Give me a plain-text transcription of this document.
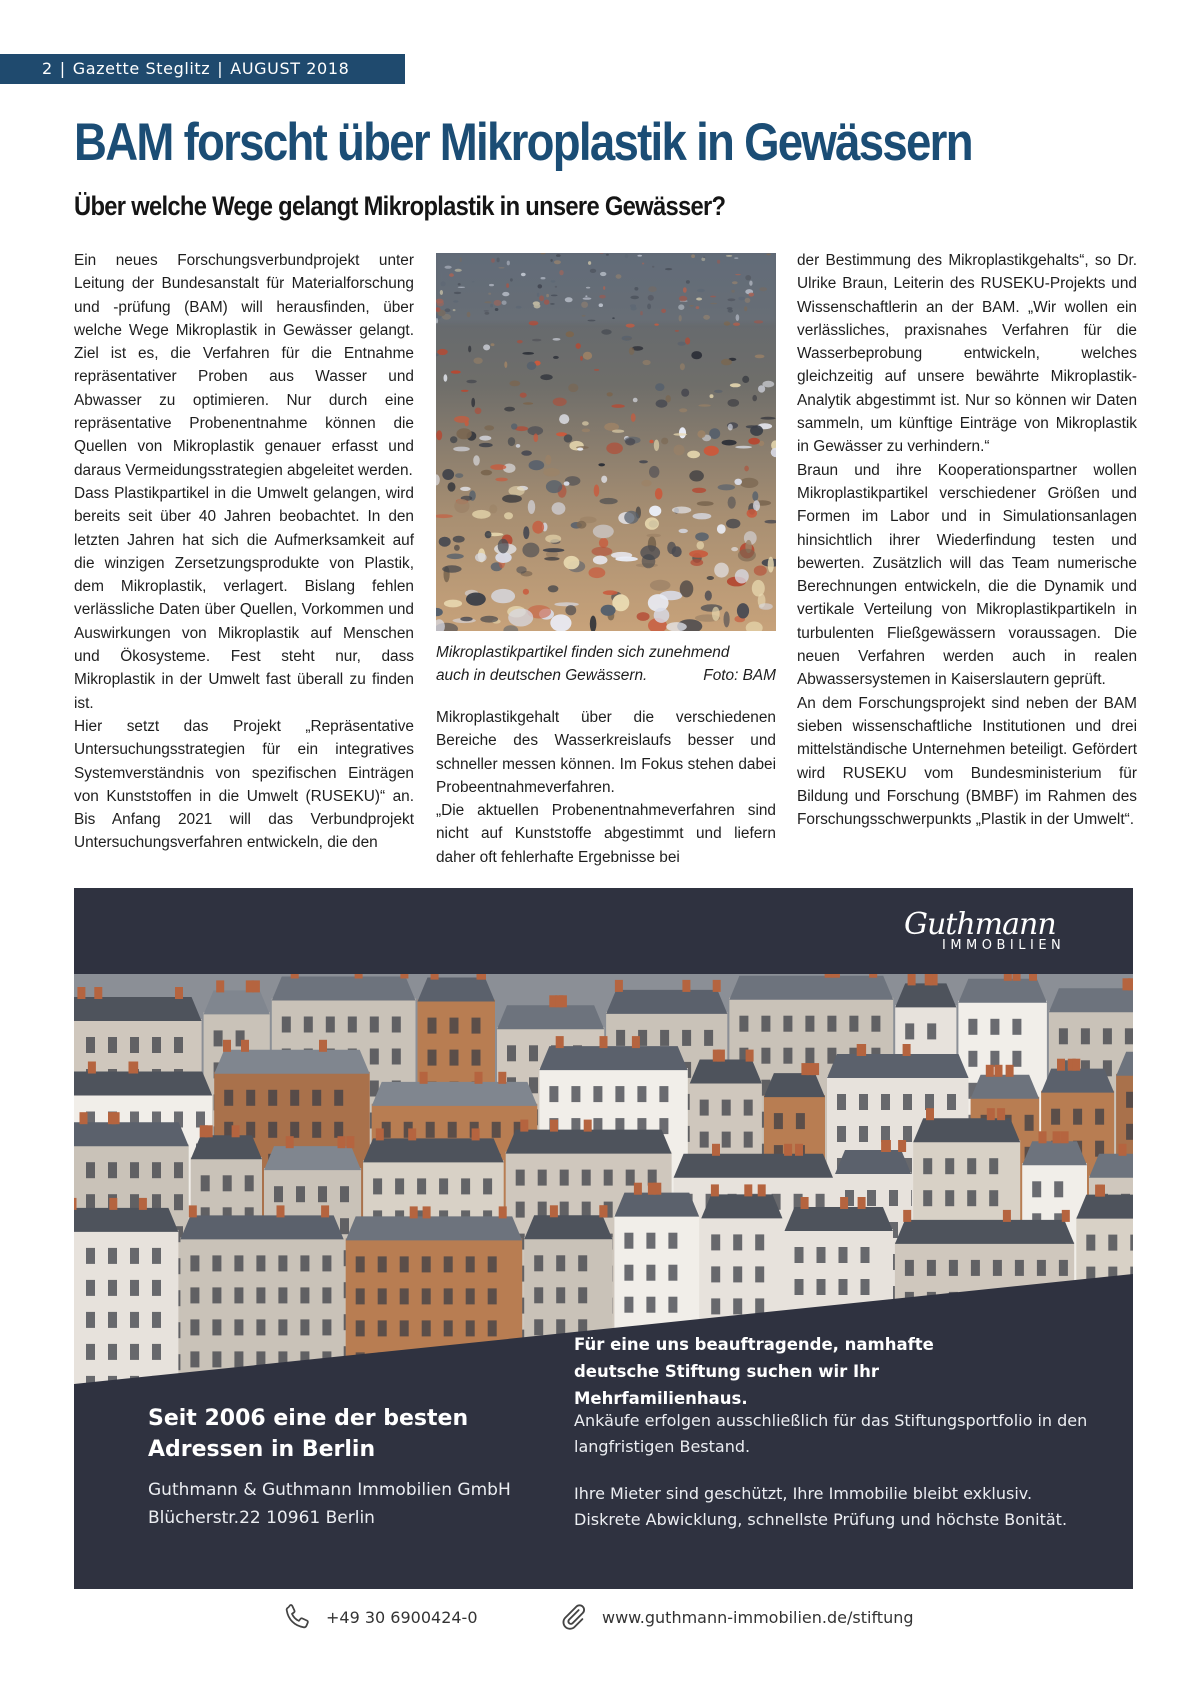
2 | Gazette Steglitz | AUGUST 2018
BAM forscht über Mikroplastik in Gewässern
Über welche Wege gelangt Mikroplastik in unsere Gewässer?

Ein neues Forschungsverbundprojekt unter Leitung der Bundesanstalt für Materialforschung und -prüfung (BAM) will herausfinden, über welche Wege Mikroplastik in Gewässer gelangt. Ziel ist es, die Verfahren für die Entnahme repräsentativer Proben aus Wasser und Abwasser zu optimieren. Nur durch eine repräsentative Probenentnahme können die Quellen von Mikroplastik genauer erfasst und daraus Vermeidungsstrategien abgeleitet werden.

Dass Plastikpartikel in die Umwelt gelangen, wird bereits seit über 40 Jahren beobachtet. In den letzten Jahren hat sich die Aufmerksamkeit auf die winzigen Zersetzungsprodukte von Plastik, dem Mikroplastik, verlagert. Bislang fehlen verlässliche Daten über Quellen, Vorkommen und Auswirkungen von Mikroplastik auf Menschen und Ökosysteme. Fest steht nur, dass Mikroplastik in der Umwelt fast überall zu finden ist.

Hier setzt das Projekt „Repräsentative Untersuchungsstrategien für ein integratives Systemverständnis von spezifischen Einträgen von Kunststoffen in die Umwelt (RUSEKU)“ an. Bis Anfang 2021 will das Verbundprojekt Untersuchungsverfahren entwickeln, die den

Mikroplastikpartikel finden sich zunehmend
auch in deutschen Gewässern.	Foto: BAM

Mikroplastikgehalt über die verschiedenen Bereiche des Wasserkreislaufs besser und schneller messen können. Im Fokus stehen dabei Probeentnahmeverfahren.

„Die aktuellen Probenentnahmeverfahren sind nicht auf Kunststoffe abgestimmt und liefern daher oft fehlerhafte Ergebnisse bei

der Bestimmung des Mikroplastikgehalts“, so Dr. Ulrike Braun, Leiterin des RUSEKU-Projekts und Wissenschaftlerin an der BAM. „Wir wollen ein verlässliches, praxisnahes Verfahren für die Wasserbeprobung entwickeln, welches gleichzeitig auf unsere bewährte Mikroplastik-Analytik abgestimmt ist. Nur so können wir Daten sammeln, um künftige Einträge von Mikroplastik in Gewässer zu verhindern.“

Braun und ihre Kooperationspartner wollen Mikroplastikpartikel verschiedener Größen und Formen im Labor und in Simulationsanlagen hinsichtlich ihrer Wiederfindung testen und bewerten. Zusätzlich will das Team numerische Berechnungen entwickeln, die die Dynamik und vertikale Verteilung von Mikroplastikpartikeln in turbulenten Fließgewässern voraussagen. Die neuen Verfahren werden auch in realen Abwassersystemen in Kaiserslautern geprüft.

An dem Forschungsprojekt sind neben der BAM sieben wissenschaftliche Institutionen und drei mittelständische Unternehmen beteiligt. Gefördert wird RUSEKU vom Bundesministerium für Bildung und Forschung (BMBF) im Rahmen des Forschungsschwerpunkts „Plastik in der Umwelt“.

Guthmann
IMMOBILIEN
Für eine uns beauftragende, namhafte deutsche Stiftung suchen wir Ihr Mehrfamilienhaus.
Seit 2006 eine der besten Adressen in Berlin
Guthmann & Guthmann Immobilien GmbH
Blücherstr.22 10961 Berlin
Ankäufe erfolgen ausschließlich für das Stiftungsportfolio in den langfristigen Bestand.
Ihre Mieter sind geschützt, Ihre Immobilie bleibt exklusiv. Diskrete Abwicklung, schnellste Prüfung und höchste Bonität.
+49 30 6900424-0	www.guthmann-immobilien.de/stiftung
